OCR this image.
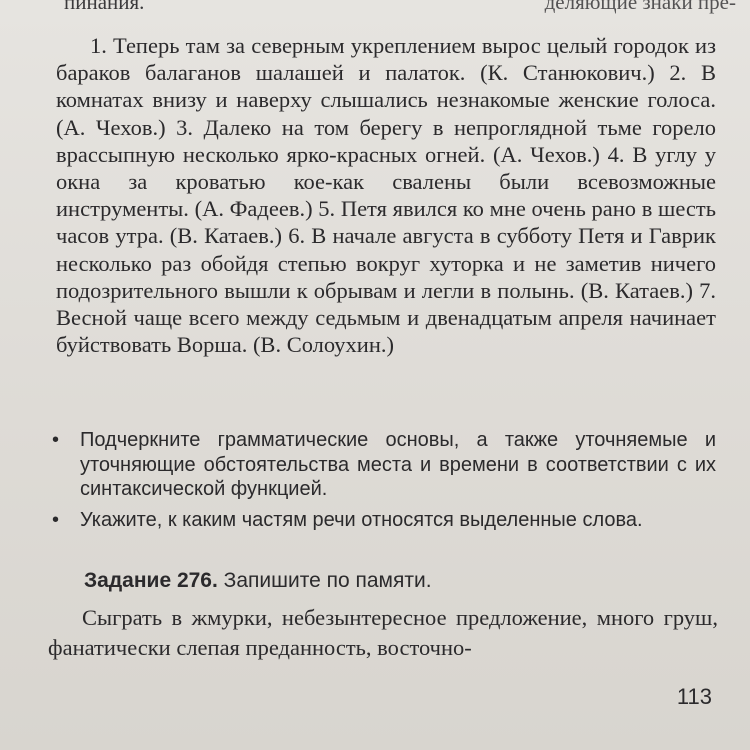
пинания.	деляющие знаки пре-

1. Теперь там за северным укреплением вырос целый городок из бараков балаганов шалашей и палаток. (К. Станюкович.) 2. В комнатах внизу и наверху слышались незнакомые женские голоса. (А. Чехов.) 3. Далеко на том берегу в непроглядной тьме горело врассыпную несколько ярко-красных огней. (А. Чехов.) 4. В углу у окна за кроватью кое-как свалены были всевозможные инструменты. (А. Фадеев.) 5. Петя явился ко мне очень рано в шесть часов утра. (В. Катаев.) 6. В начале августа в субботу Петя и Гаврик несколько раз обойдя степью вокруг хуторка и не заметив ничего подозрительного вышли к обрывам и легли в полынь. (В. Катаев.) 7. Весной чаще всего между седьмым и двенадцатым апреля начинает буйствовать Ворша. (В. Солоухин.)

• Подчеркните грамматические основы, а также уточняемые и уточняющие обстоятельства места и времени в соответствии с их синтаксической функцией.
• Укажите, к каким частям речи относятся выделенные слова.
Задание 276. Запишите по памяти.

Сыграть в жмурки, небезынтересное предложение, много груш, фанатически слепая преданность, восточно-

113
